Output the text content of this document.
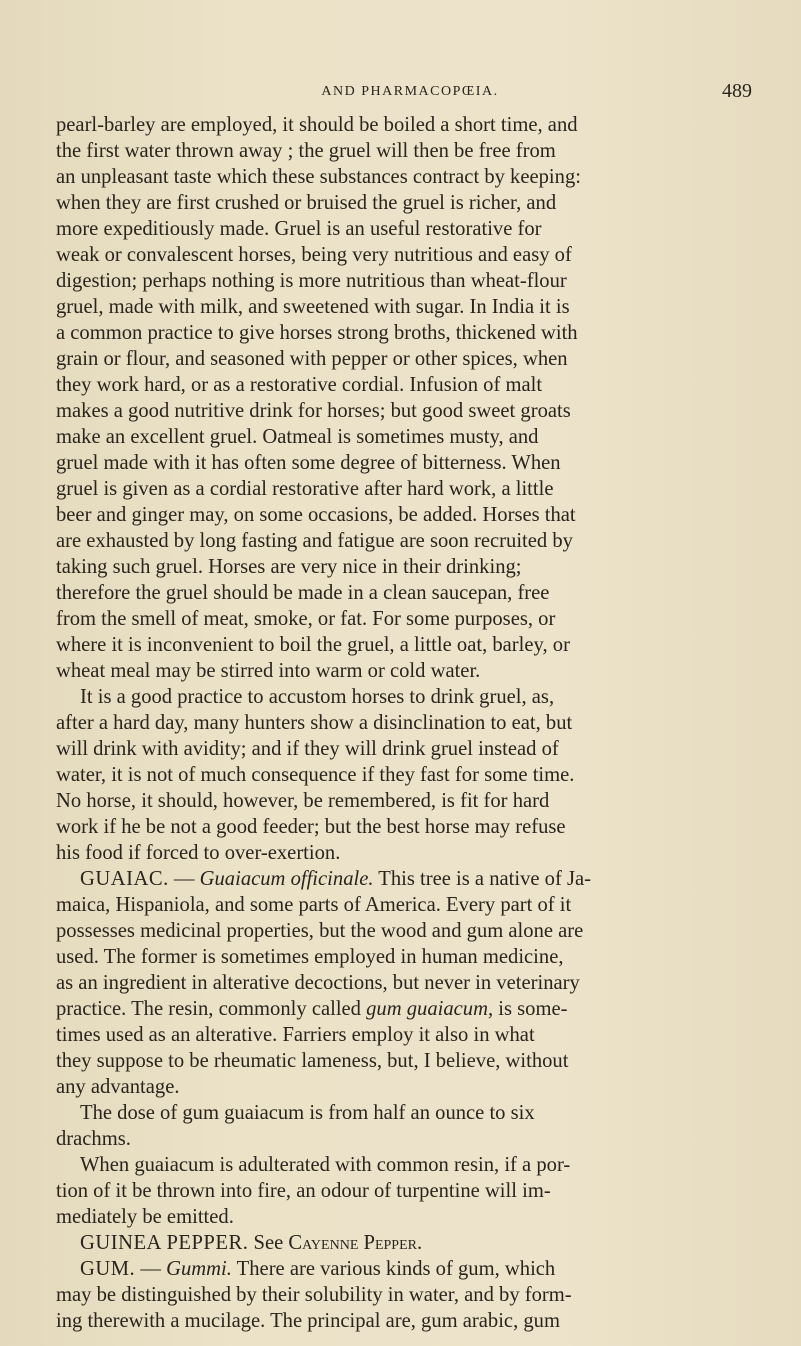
AND PHARMACOPŒIA.	489

pearl-barley are employed, it should be boiled a short time, and
the first water thrown away ; the gruel will then be free from
an unpleasant taste which these substances contract by keeping:
when they are first crushed or bruised the gruel is richer, and
more expeditiously made. Gruel is an useful restorative for
weak or convalescent horses, being very nutritious and easy of
digestion; perhaps nothing is more nutritious than wheat-flour
gruel, made with milk, and sweetened with sugar. In India it is
a common practice to give horses strong broths, thickened with
grain or flour, and seasoned with pepper or other spices, when
they work hard, or as a restorative cordial. Infusion of malt
makes a good nutritive drink for horses; but good sweet groats
make an excellent gruel. Oatmeal is sometimes musty, and
gruel made with it has often some degree of bitterness. When
gruel is given as a cordial restorative after hard work, a little
beer and ginger may, on some occasions, be added. Horses that
are exhausted by long fasting and fatigue are soon recruited by
taking such gruel. Horses are very nice in their drinking;
therefore the gruel should be made in a clean saucepan, free
from the smell of meat, smoke, or fat. For some purposes, or
where it is inconvenient to boil the gruel, a little oat, barley, or
wheat meal may be stirred into warm or cold water.

It is a good practice to accustom horses to drink gruel, as,
after a hard day, many hunters show a disinclination to eat, but
will drink with avidity; and if they will drink gruel instead of
water, it is not of much consequence if they fast for some time.
No horse, it should, however, be remembered, is fit for hard
work if he be not a good feeder; but the best horse may refuse
his food if forced to over-exertion.

GUAIAC. — Guaiacum officinale. This tree is a native of Ja-
maica, Hispaniola, and some parts of America. Every part of it
possesses medicinal properties, but the wood and gum alone are
used. The former is sometimes employed in human medicine,
as an ingredient in alterative decoctions, but never in veterinary
practice. The resin, commonly called gum guaiacum, is some-
times used as an alterative. Farriers employ it also in what
they suppose to be rheumatic lameness, but, I believe, without
any advantage.

The dose of gum guaiacum is from half an ounce to six
drachms.

When guaiacum is adulterated with common resin, if a por-
tion of it be thrown into fire, an odour of turpentine will im-
mediately be emitted.

GUINEA PEPPER. See Cayenne Pepper.

GUM. — Gummi. There are various kinds of gum, which
may be distinguished by their solubility in water, and by form-
ing therewith a mucilage. The principal are, gum arabic, gum
